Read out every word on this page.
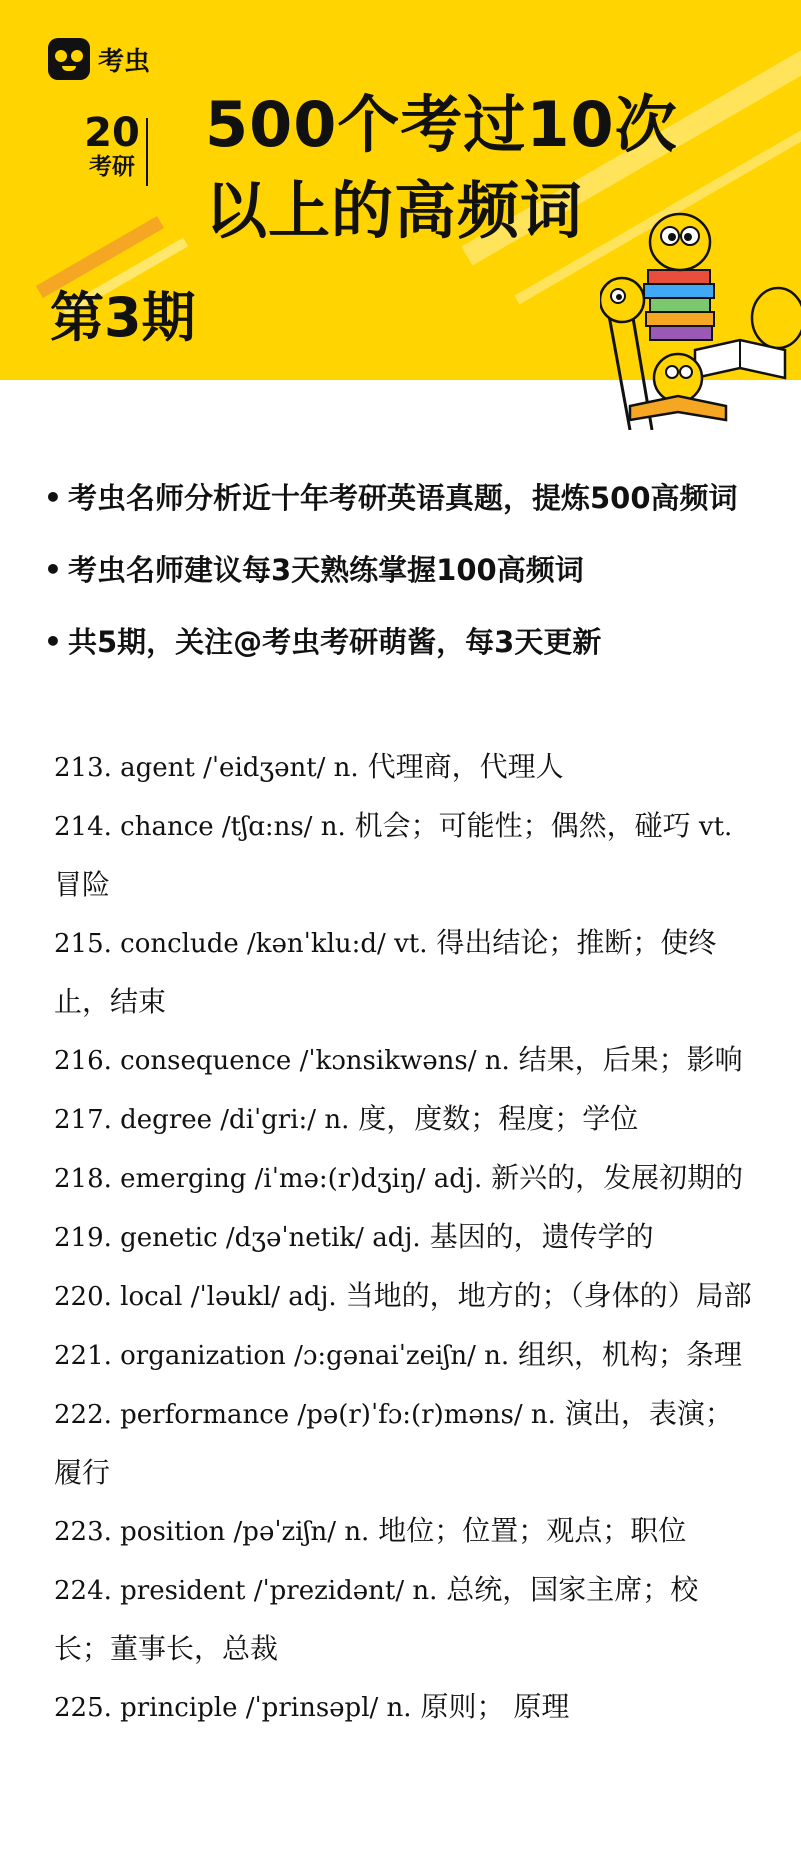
考虫
20
考研
500个考过10次
以上的高频词
第3期
• 考虫名师分析近十年考研英语真题，提炼500高频词
• 考虫名师建议每3天熟练掌握100高频词
• 共5期，关注@考虫考研萌酱，每3天更新

213. agent /ˈeidʒənt/ n. 代理商，代理人

214. chance /tʃɑ:ns/ n. 机会；可能性；偶然，碰巧 vt.冒险

215. conclude /kənˈklu:d/ vt. 得出结论；推断；使终止，结束

216. consequence /ˈkɔnsikwəns/ n. 结果，后果；影响

217. degree /diˈgri:/ n. 度，度数；程度；学位

218. emerging /iˈmə:(r)dʒiŋ/ adj. 新兴的，发展初期的

219. genetic /dʒəˈnetik/ adj. 基因的，遗传学的

220. local /ˈləukl/ adj. 当地的，地方的；（身体的）局部

221. organization /ɔ:gənaiˈzeiʃn/ n. 组织，机构；条理

222. performance /pə(r)ˈfɔ:(r)məns/ n. 演出，表演；履行

223. position /pəˈziʃn/ n. 地位；位置；观点；职位

224. president /ˈprezidənt/ n. 总统，国家主席；校长；董事长，总裁

225. principle /ˈprinsəpl/ n. 原则； 原理
